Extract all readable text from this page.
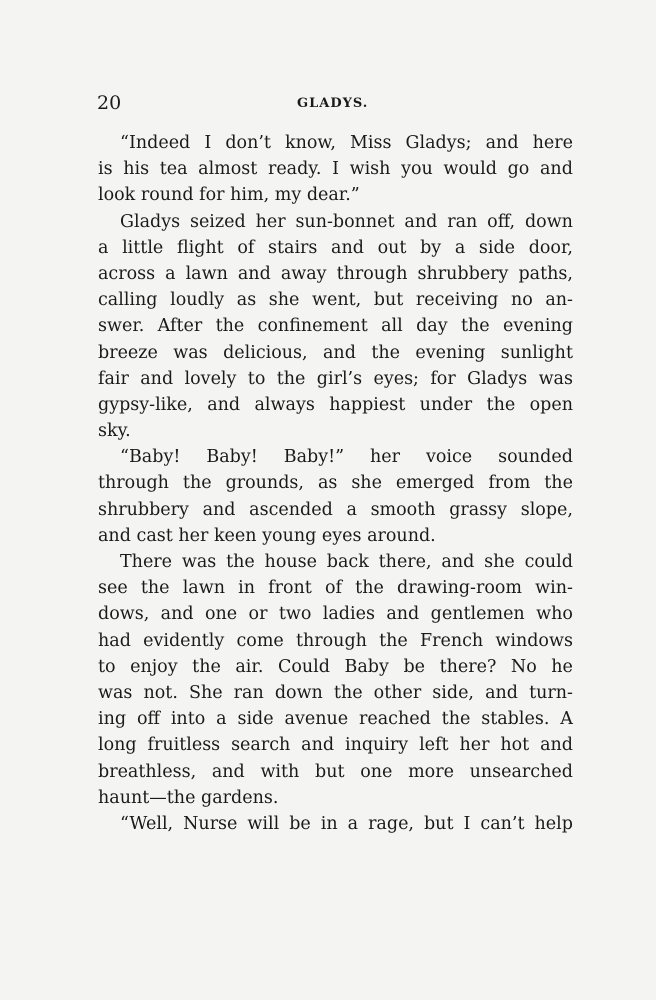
20	GLADYS.
“Indeed I don’t know, Miss Gladys; and here
is his tea almost ready. I wish you would go and
look round for him, my dear.”
Gladys seized her sun-bonnet and ran off, down
a little flight of stairs and out by a side door,
across a lawn and away through shrubbery paths,
calling loudly as she went, but receiving no an-
swer. After the confinement all day the evening
breeze was delicious, and the evening sunlight
fair and lovely to the girl’s eyes; for Gladys was
gypsy-like, and always happiest under the open
sky.
“Baby! Baby! Baby!” her voice sounded
through the grounds, as she emerged from the
shrubbery and ascended a smooth grassy slope,
and cast her keen young eyes around.
There was the house back there, and she could
see the lawn in front of the drawing-room win-
dows, and one or two ladies and gentlemen who
had evidently come through the French windows
to enjoy the air. Could Baby be there? No he
was not. She ran down the other side, and turn-
ing off into a side avenue reached the stables. A
long fruitless search and inquiry left her hot and
breathless, and with but one more unsearched
haunt—the gardens.
“Well, Nurse will be in a rage, but I can’t help
